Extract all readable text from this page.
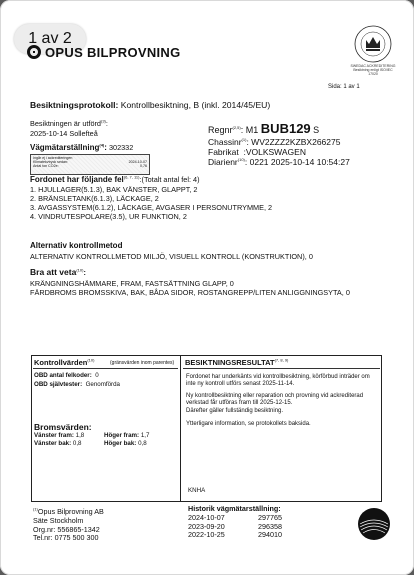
1 av 2
OPUS BILPROVNING
SWEDAC ACKREDITERING
Besiktning enligt ISO/IEC 17020
Sida: 1 av 1
Besiktningsprotokoll: Kontrollbesiktning, B (inkl. 2014/45/EU)
Besiktningen är utförd$^{(3)}$:
2025-10-14 Sollefteå
Vägmätarställning$^{(4)}$: 302332
Ingår ej i ackrediteringen
Klimatekvtryck sedan:	2024-10-07
Antal ton CO2e:	0,76
Regnr$^{(2,5)}$: M1 BUB129 S
Chassinr$^{(1)}$: WV2ZZZ2KZBX266275
Fabrikat  :VOLKSWAGEN
Diarienr$^{(10)}$: 0221 2025-10-14 10:54:27
Fordonet har följande fel$^{(6, 7, 11)}$:(Totalt antal fel: 4)
1. HJULLAGER(5.1.3), BAK VÄNSTER, GLAPPT, 2
2. BRÄNSLETANK(6.1.3), LÄCKAGE, 2
3. AVGASSYSTEM(6.1.2), LÄCKAGE, AVGASER I PERSONUTRYMME, 2
4. VINDRUTESPOLARE(3.5), UR FUNKTION, 2
Alternativ kontrollmetod
ALTERNATIV KONTROLLMETOD MILJÖ, VISUELL KONTROLL (KONSTRUKTION), 0
Bra att veta$^{(10)}$:
KRÄNGNINGSHÄMMARE, FRAM, FASTSÄTTNING GLAPP, 0
FÄRDBROMS BROMSSKIVA, BAK, BÅDA SIDOR, ROSTANGREPP/LITEN ANLIGGNINGSYTA, 0
Kontrollvärden$^{(10)}$	(gränsvärden inom parentes)
OBD antal felkoder: 0
OBD självtester: Genomförda
Bromsvärden:
Vänster fram: 1,8	Höger fram: 1,7
Vänster bak: 0,8	Höger bak: 0,8
BESIKTNINGSRESULTAT$^{(7, 8, 9)}$
Fordonet har underkänts vid kontrollbesiktning, körförbud inträder om inte ny kontroll utförs senast 2025-11-14.
Ny kontrollbesiktning eller reparation och provning vid ackrediterad verkstad får utföras fram till 2025-12-15.
Därefter gäller fullständig besiktning.
Ytterligare information, se protokollets baksida.
KNHA
$^{(1)}$Opus Bilprovning AB
Säte Stockholm
Org.nr: 556865-1342
Tel.nr: 0775 500 300
Historik vägmätarställning:
2024-10-07	297765
2023-09-20	296358
2022-10-25	294010
